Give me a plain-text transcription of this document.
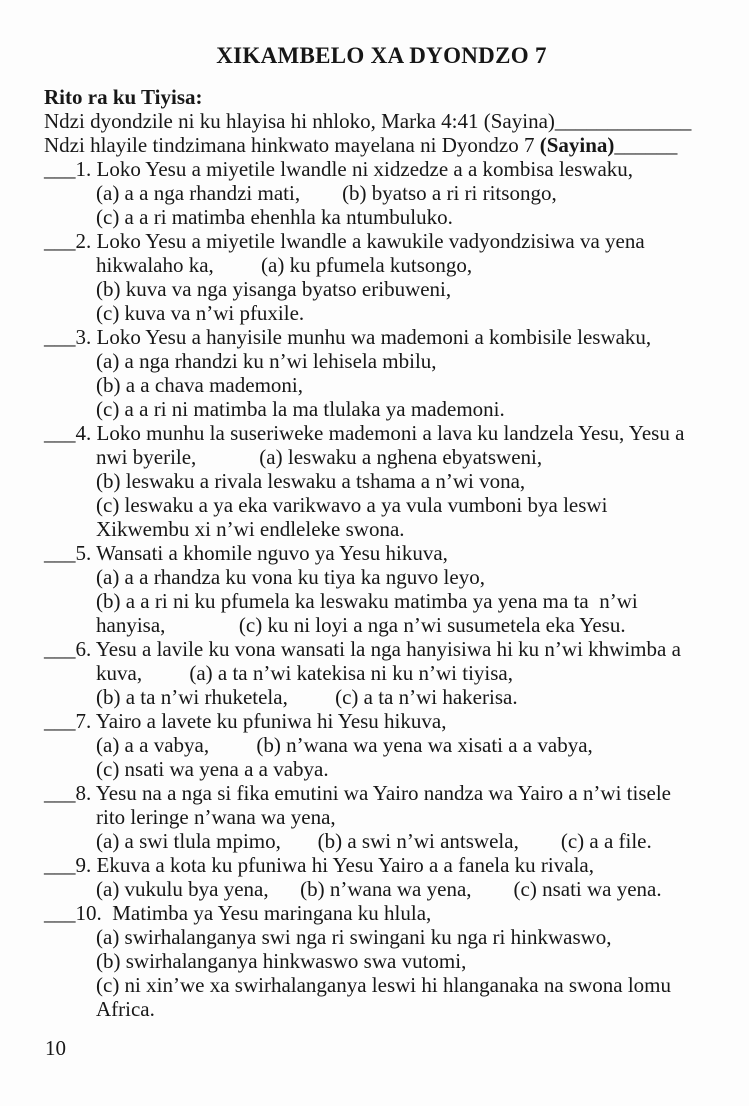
XIKAMBELO XA DYONDZO 7
Rito ra ku Tiyisa:
Ndzi dyondzile ni ku hlayisa hi nhloko, Marka 4:41 (Sayina)_____________
Ndzi hlayile tindzimana hinkwato mayelana ni Dyondzo 7 (Sayina)______
___1. Loko Yesu a miyetile lwandle ni xidzedze a a kombisa leswaku,
(a) a a nga rhandzi mati,        (b) byatso a ri ri ritsongo,
(c) a a ri matimba ehenhla ka ntumbuluko.
___2. Loko Yesu a miyetile lwandle a kawukile vadyondzisiwa va yena
hikwalaho ka,         (a) ku pfumela kutsongo,
(b) kuva va nga yisanga byatso eribuweni,
(c) kuva va n’wi pfuxile.
___3. Loko Yesu a hanyisile munhu wa mademoni a kombisile leswaku,
(a) a nga rhandzi ku n’wi lehisela mbilu,
(b) a a chava mademoni,
(c) a a ri ni matimba la ma tlulaka ya mademoni.
___4. Loko munhu la suseriweke mademoni a lava ku landzela Yesu, Yesu a
nwi byerile,            (a) leswaku a nghena ebyatsweni,
(b) leswaku a rivala leswaku a tshama a n’wi vona,
(c) leswaku a ya eka varikwavo a ya vula vumboni bya leswi
Xikwembu xi n’wi endleleke swona.
___5. Wansati a khomile nguvo ya Yesu hikuva,
(a) a a rhandza ku vona ku tiya ka nguvo leyo,
(b) a a ri ni ku pfumela ka leswaku matimba ya yena ma ta  n’wi
hanyisa,              (c) ku ni loyi a nga n’wi susumetela eka Yesu.
___6. Yesu a lavile ku vona wansati la nga hanyisiwa hi ku n’wi khwimba a
kuva,         (a) a ta n’wi katekisa ni ku n’wi tiyisa,
(b) a ta n’wi rhuketela,         (c) a ta n’wi hakerisa.
___7. Yairo a lavete ku pfuniwa hi Yesu hikuva,
(a) a a vabya,         (b) n’wana wa yena wa xisati a a vabya,
(c) nsati wa yena a a vabya.
___8. Yesu na a nga si fika emutini wa Yairo nandza wa Yairo a n’wi tisele
rito leringe n’wana wa yena,
(a) a swi tlula mpimo,       (b) a swi n’wi antswela,        (c) a a file.
___9. Ekuva a kota ku pfuniwa hi Yesu Yairo a a fanela ku rivala,
(a) vukulu bya yena,      (b) n’wana wa yena,        (c) nsati wa yena.
___10.  Matimba ya Yesu maringana ku hlula,
(a) swirhalanganya swi nga ri swingani ku nga ri hinkwaswo,
(b) swirhalanganya hinkwaswo swa vutomi,
(c) ni xin’we xa swirhalanganya leswi hi hlanganaka na swona lomu
Africa.
10
